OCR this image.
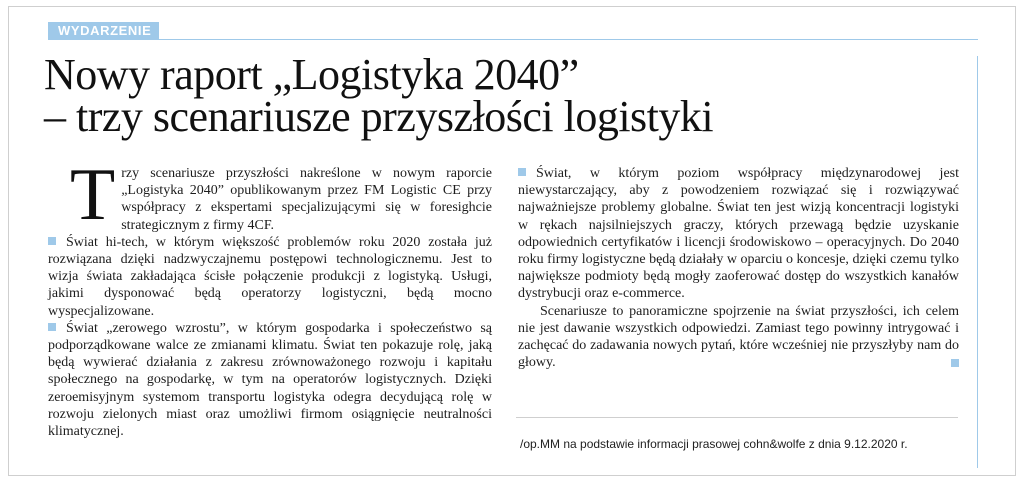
WYDARZENIE
Nowy raport „Logistyka 2040”
– trzy scenariusze przyszłości logistyki

Trzy scenariusze przyszłości nakreślone w nowym raporcie „Logistyka 2040” opublikowanym przez FM Logistic CE przy współpracy z ekspertami specjalizującymi się w foresighcie strategicznym z firmy 4CF.

Świat hi-tech, w którym większość problemów roku 2020 została już rozwiązana dzięki nadzwyczajnemu postępowi technologicznemu. Jest to wizja świata zakładająca ścisłe połączenie produkcji z logistyką. Usługi, jakimi dysponować będą operatorzy logistyczni, będą mocno wyspecjalizowane.

Świat „zerowego wzrostu”, w którym gospodarka i społeczeństwo są podporządkowane walce ze zmianami klimatu. Świat ten pokazuje rolę, jaką będą wywierać działania z zakresu zrównoważonego rozwoju i kapitału społecznego na gospodarkę, w tym na operatorów logistycznych. Dzięki zeroemisyjnym systemom transportu logistyka odegra decydującą rolę w rozwoju zielonych miast oraz umożliwi firmom osiągnięcie neutralności klimatycznej.

Świat, w którym poziom współpracy międzynarodowej jest niewystarczający, aby z powodzeniem rozwiązać się i rozwiązywać najważniejsze problemy globalne. Świat ten jest wizją koncentracji logistyki w rękach najsilniejszych graczy, których przewagą będzie uzyskanie odpowiednich certyfikatów i licencji środowiskowo – operacyjnych. Do 2040 roku firmy logistyczne będą działały w oparciu o koncesje, dzięki czemu tylko największe podmioty będą mogły zaoferować dostęp do wszystkich kanałów dystrybucji oraz e-commerce.

Scenariusze to panoramiczne spojrzenie na świat przyszłości, ich celem nie jest dawanie wszystkich odpowiedzi. Zamiast tego powinny intrygować i zachęcać do zadawania nowych pytań, które wcześniej nie przyszłyby nam do głowy.

/op.MM na podstawie informacji prasowej cohn&wolfe z dnia 9.12.2020 r.
